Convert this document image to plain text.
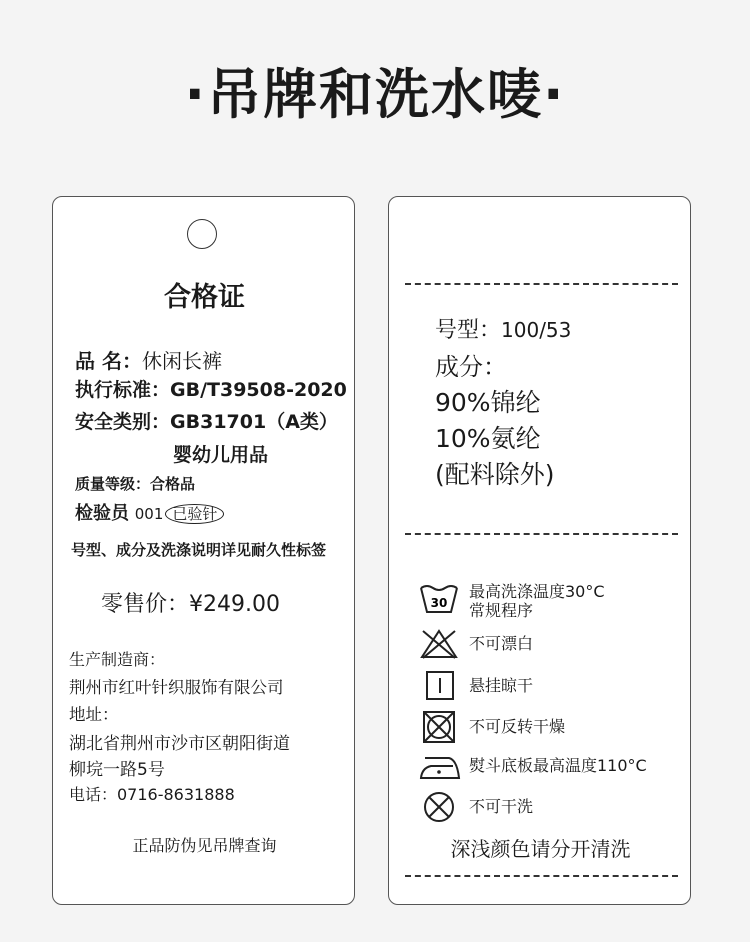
·吊牌和洗水唛·
合格证
品 名：休闲长裤
执行标准：GB/T39508-2020
安全类别：GB31701（A类）
婴幼儿用品
质量等级：合格品
检验员 001 已验针
号型、成分及洗涤说明详见耐久性标签
零售价：¥249.00
生产制造商：
荆州市红叶针织服饰有限公司
地址：
湖北省荆州市沙市区朝阳街道
柳垸一路5号
电话：0716-8631888
正品防伪见吊牌查询
号型：100/53
成分：
90%锦纶
10%氨纶
(配料除外)
30
最高洗涤温度30°C
常规程序
不可漂白
悬挂晾干
不可反转干燥
熨斗底板最高温度110°C
不可干洗
深浅颜色请分开清洗
